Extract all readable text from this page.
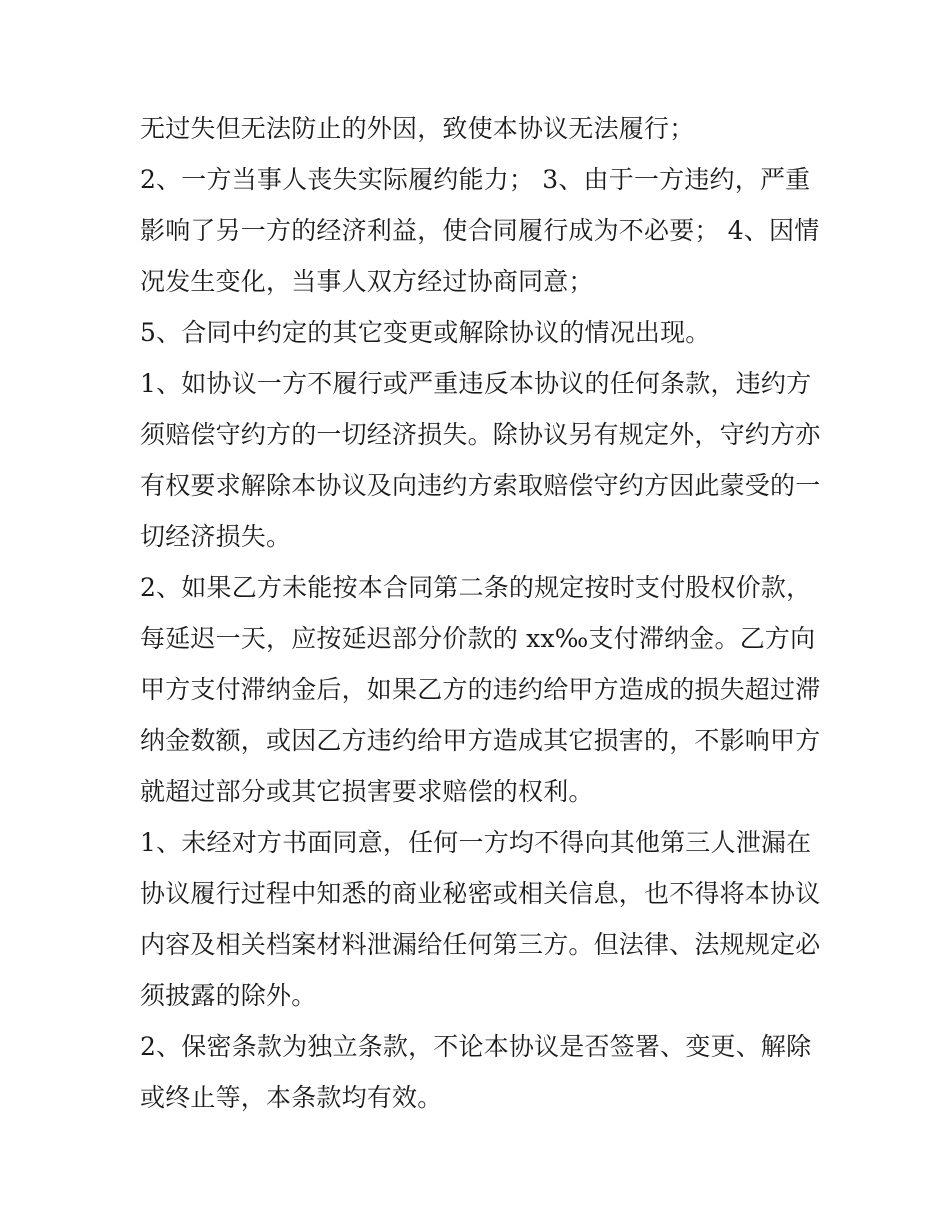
无过失但无法防止的外因，致使本协议无法履行；
2、一方当事人丧失实际履约能力； 3、由于一方违约，严重
影响了另一方的经济利益，使合同履行成为不必要； 4、因情
况发生变化，当事人双方经过协商同意；
5、合同中约定的其它变更或解除协议的情况出现。
1、如协议一方不履行或严重违反本协议的任何条款，违约方
须赔偿守约方的一切经济损失。除协议另有规定外，守约方亦
有权要求解除本协议及向违约方索取赔偿守约方因此蒙受的一
切经济损失。
2、如果乙方未能按本合同第二条的规定按时支付股权价款，
每延迟一天，应按延迟部分价款的 xx‰支付滞纳金。乙方向
甲方支付滞纳金后，如果乙方的违约给甲方造成的损失超过滞
纳金数额，或因乙方违约给甲方造成其它损害的，不影响甲方
就超过部分或其它损害要求赔偿的权利。
1、未经对方书面同意，任何一方均不得向其他第三人泄漏在
协议履行过程中知悉的商业秘密或相关信息，也不得将本协议
内容及相关档案材料泄漏给任何第三方。但法律、法规规定必
须披露的除外。
2、保密条款为独立条款，不论本协议是否签署、变更、解除
或终止等，本条款均有效。
